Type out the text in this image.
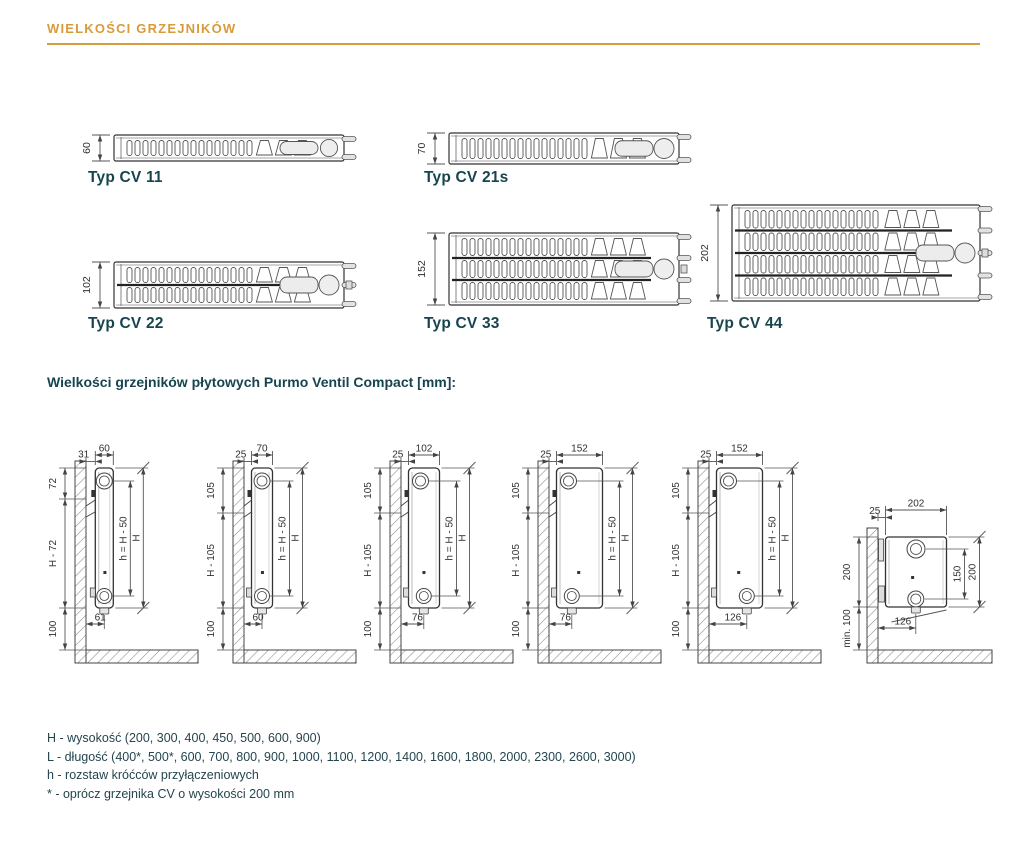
WIELKOŚCI GRZEJNIKÓW
60	70
102
152
202
Typ CV 11	Typ CV 21s
Typ CV 22	Typ CV 33	Typ CV 44
Wielkości grzejników płytowych Purmo Ventil Compact [mm]:
60
31
72
H - 72
100
h = H - 50 H
61
70
25
105
H - 105
100
h = H - 50 H
60
102
25
105
H - 105
100
h = H - 50 H
76
152
25
105
H - 105
100
h = H - 50 H
76
152
25
105
H - 105
100
h = H - 50 H
126
202
25
200
min. 100
150 200
126
H - wysokość (200, 300, 400, 450, 500, 600, 900)
L - długość (400*, 500*, 600, 700, 800, 900, 1000, 1100, 1200, 1400, 1600, 1800, 2000, 2300, 2600, 3000)
h - rozstaw króćców przyłączeniowych
* - oprócz grzejnika CV o wysokości 200 mm
